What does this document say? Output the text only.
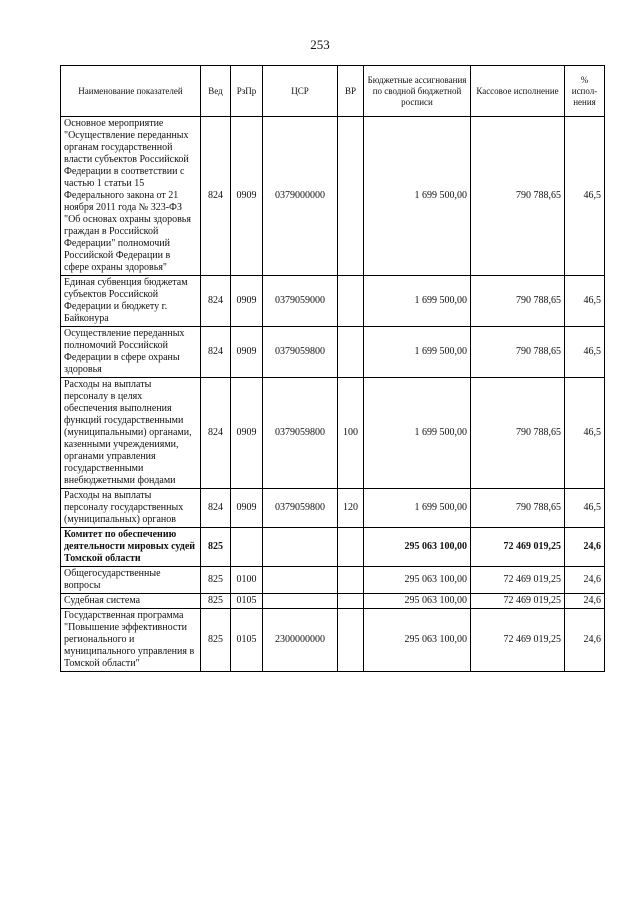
253
Наименование показателей	Вед	РзПр	ЦСР	ВР	Бюджетные ассигнования по сводной бюджетной росписи	Кассовое исполнение	% испол-нения
Основное мероприятие "Осуществление переданных органам государственной власти субъектов Российской Федерации в соответствии с частью 1 статьи 15 Федерального закона от 21 ноября 2011 года № 323-ФЗ "Об основах охраны здоровья граждан в Российской Федерации" полномочий Российской Федерации в сфере охраны здоровья"	824	0909	0379000000		1 699 500,00	790 788,65	46,5
Единая субвенция бюджетам субъектов Российской Федерации и бюджету г. Байконура	824	0909	0379059000		1 699 500,00	790 788,65	46,5
Осуществление переданных полномочий Российской Федерации в сфере охраны здоровья	824	0909	0379059800		1 699 500,00	790 788,65	46,5
Расходы на выплаты персоналу в целях обеспечения выполнения функций государственными (муниципальными) органами, казенными учреждениями, органами управления государственными внебюджетными фондами	824	0909	0379059800	100	1 699 500,00	790 788,65	46,5
Расходы на выплаты персоналу государственных (муниципальных) органов	824	0909	0379059800	120	1 699 500,00	790 788,65	46,5
Комитет по обеспечению деятельности мировых судей Томской области	825				295 063 100,00	72 469 019,25	24,6
Общегосударственные вопросы	825	0100			295 063 100,00	72 469 019,25	24,6
Судебная система	825	0105			295 063 100,00	72 469 019,25	24,6
Государственная программа "Повышение эффективности регионального и муниципального управления в Томской области"	825	0105	2300000000		295 063 100,00	72 469 019,25	24,6
